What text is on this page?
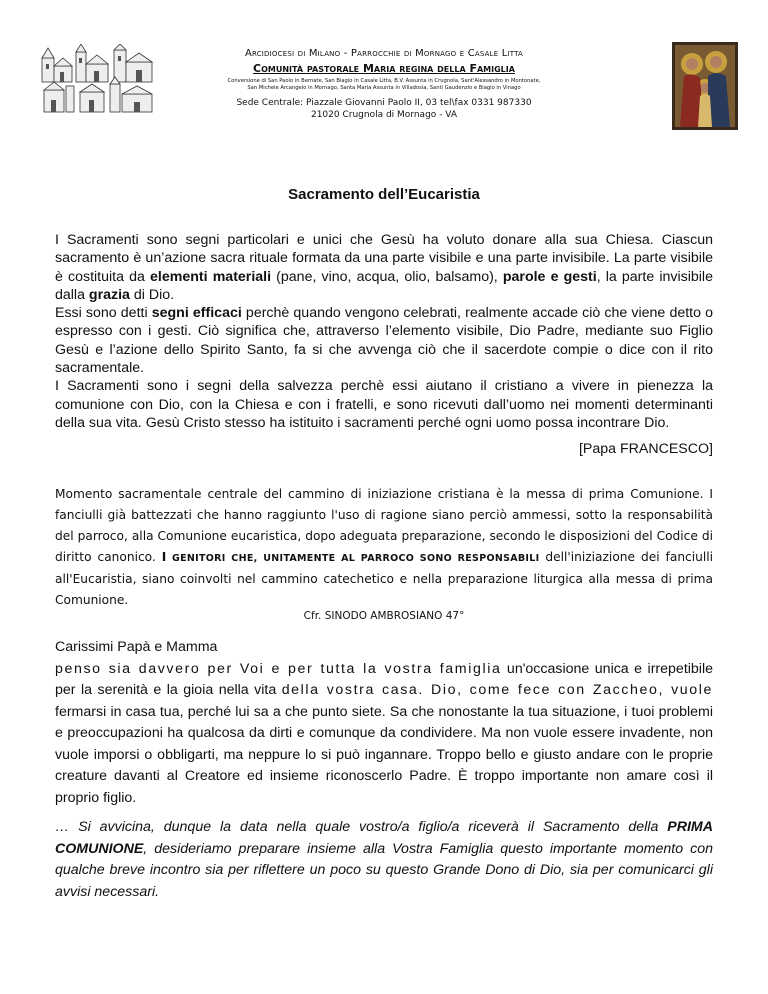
Arcidiocesi di Milano - Parrocchie di Mornago e Casale Litta
Comunità pastorale Maria regina della Famiglia
Conversione di San Paolo in Bernate, San Biagio in Casale Litta, B.V. Assunta in Crugnola, Sant'Alessandro in Montonate,
San Michele Arcangelo in Mornago, Santa Maria Assunta in Villadosia, Santi Gaudenzio e Biagio in Vinago
Sede Centrale: Piazzale Giovanni Paolo II, 03 tel\fax 0331 987330
21020 Crugnola di Mornago - VA
Sacramento dell’Eucaristia

I Sacramenti sono segni particolari e unici che Gesù ha voluto donare alla sua Chiesa. Ciascun sacramento è un’azione sacra rituale formata da una parte visibile e una parte invisibile. La parte visibile è costituita da elementi materiali (pane, vino, acqua, olio, balsamo), parole e gesti, la parte invisibile dalla grazia di Dio.

Essi sono detti segni efficaci perchè quando vengono celebrati, realmente accade ciò che viene detto o espresso con i gesti. Ciò significa che, attraverso l’elemento visibile, Dio Padre, mediante suo Figlio Gesù e l’azione dello Spirito Santo, fa si che avvenga ciò che il sacerdote compie o dice con il rito sacramentale.

I Sacramenti sono i segni della salvezza perchè essi aiutano il cristiano a vivere in pienezza la comunione con Dio, con la Chiesa e con i fratelli, e sono ricevuti dall’uomo nei momenti determinanti della sua vita. Gesù Cristo stesso ha istituito i sacramenti perché ogni uomo possa incontrare Dio.

[Papa FRANCESCO]

Momento sacramentale centrale del cammino di iniziazione cristiana è la messa di prima Comunione. I fanciulli già battezzati che hanno raggiunto l'uso di ragione siano perciò ammessi, sotto la responsabilità del parroco, alla Comunione eucaristica, dopo adeguata preparazione, secondo le disposizioni del Codice di diritto canonico. I GENITORI CHE, UNITAMENTE AL PARROCO SONO RESPONSABILI dell'iniziazione dei fanciulli all'Eucaristia, siano coinvolti nel cammino catechetico e nella preparazione liturgica alla messa di prima Comunione.

Cfr. SINODO AMBROSIANO 47°

Carissimi Papà e Mamma

penso sia davvero per Voi e per tutta la vostra famiglia un'occasione unica e irrepetibile per la serenità e la gioia nella vita della vostra casa. Dio, come fece con Zaccheo, vuole fermarsi in casa tua, perché lui sa a che punto siete. Sa che nonostante la tua situazione, i tuoi problemi e preoccupazioni ha qualcosa da dirti e comunque da condividere. Ma non vuole essere invadente, non vuole imporsi o obbligarti, ma neppure lo si può ingannare. Troppo bello e giusto andare con le proprie creature davanti al Creatore ed insieme riconoscerlo Padre. È troppo importante non amare così il proprio figlio.

… Si avvicina, dunque la data nella quale vostro/a figlio/a riceverà il Sacramento della PRIMA COMUNIONE, desideriamo preparare insieme alla Vostra Famiglia questo importante momento con qualche breve incontro sia per riflettere un poco su questo Grande Dono di Dio, sia per comunicarci gli avvisi necessari.
